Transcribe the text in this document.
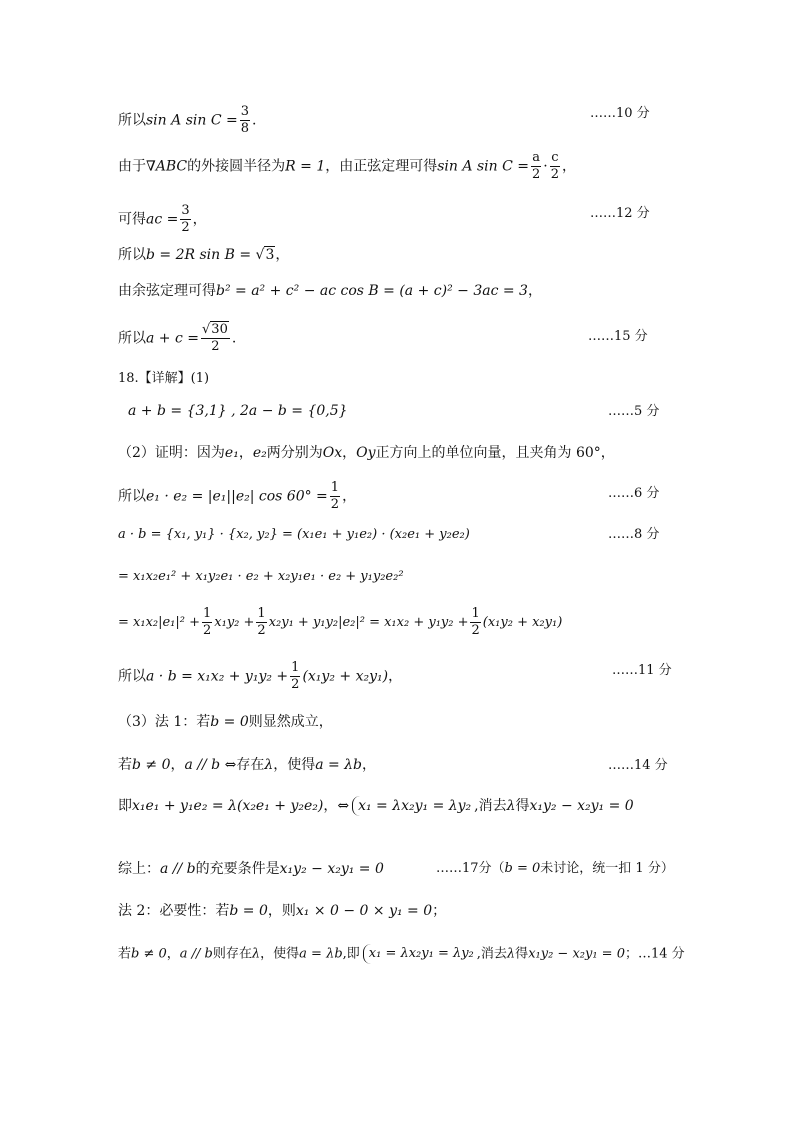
所以sin A $\sin C = \frac{3}{8}$ .	……10 分
由于∇ABC的外接圆半径为R = 1，由正弦定理可得sin A $\sin C = \frac{a}{2} \cdot \frac{c}{2}$ ，
可得ac = $\frac{3}{2}$ ，	……12 分
所以b = 2R sin B = √3，
由余弦定理可得b² = a² + c² − ac cos B = (a + c)² − 3ac = 3，
所以$a + c = \frac{√30}{2}$ .	……15 分
18.【详解】(1)
a + b = {3,1} , 2a − b = {0,5}	……5 分
（2）证明：因为e₁，e₂两分别为Ox，Oy正方向上的单位向量，且夹角为 60°，
所以e₁ · e₂ = |e₁||e₂| $\cos 60^\circ = \frac{1}{2}$ ，	……6 分
a · b = {x₁, y₁} · {x₂, y₂} = (x₁e₁ + y₁e₂) · (x₂e₁ + y₂e₂)	……8 分
= x₁x₂e₁² + x₁y₂e₁ · e₂ + x₂y₁e₁ · e₂ + y₁y₂e₂²
= $x_1x_2|e_1|^2 + \frac{1}{2} x_1y_2 + \frac{1}{2} x_2y_1 + y_1y_2|e_2|^2 = x_1x_2 + y_1y_2 + \frac{1}{2} (x_1y_2 + x_2y_1)$
所以$a \cdot b = x_1x_2 + y_1y_2 + \frac{1}{2} (x_1y_2 + x_2y_1)$，	……11 分
（3）法 1：若b = 0则显然成立，
若b ≠ 0，a // b ⇔存在λ，使得a = λb，	……14 分
即x₁e₁ + y₁e₂ = λ(x₂e₁ + y₂e₂)，⇔ x₁ = λx₂y₁ = λy₂ ,消去λ得x₁y₂ − x₂y₁ = 0
综上：a // b的充要条件是x₁y₂ − x₂y₁ = 0	……17分（b = 0未讨论，统一扣 1 分）
法 2：必要性：若b = 0，则x₁ × 0 − 0 × y₁ = 0；
若b ≠ 0，a // b则存在λ，使得a = λb,即 x₁ = λx₂y₁ = λy₂ ,消去λ得x₁y₂ − x₂y₁ = 0；…14 分
